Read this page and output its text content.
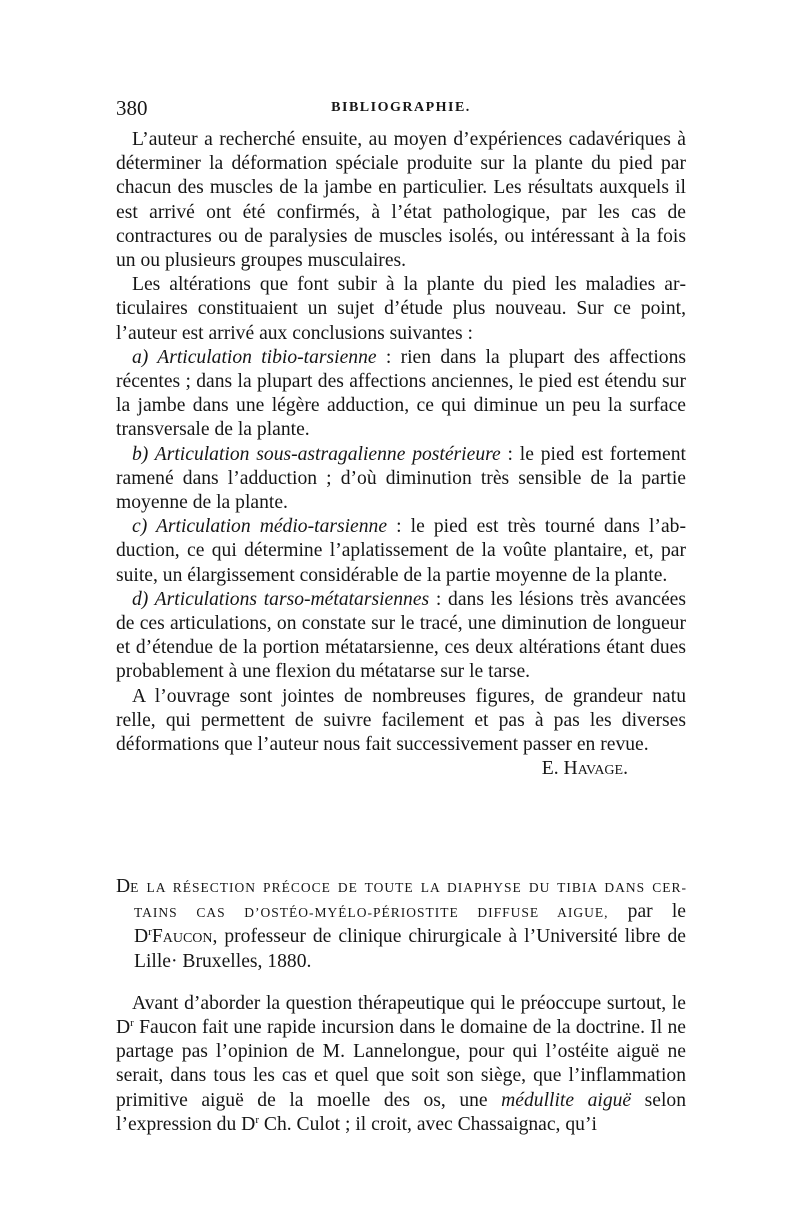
380	BIBLIOGRAPHIE.

L’auteur a recherché ensuite, au moyen d’expériences cadavériques à déterminer la déformation spéciale produite sur la plante du pied par chacun des muscles de la jambe en particulier. Les résultats auxquels il est arrivé ont été confirmés, à l’état pathologique, par les cas de contractures ou de paralysies de muscles isolés, ou intéressant à la fois un ou plusieurs groupes musculaires.

Les altérations que font subir à la plante du pied les maladies articulaires constituaient un sujet d’étude plus nouveau. Sur ce point, l’auteur est arrivé aux conclusions suivantes :

a) Articulation tibio-tarsienne : rien dans la plupart des affections récentes ; dans la plupart des affections anciennes, le pied est étendu sur la jambe dans une légère adduction, ce qui diminue un peu la surface transversale de la plante.

b) Articulation sous-astragalienne postérieure : le pied est fortement ramené dans l’adduction ; d’où diminution très sensible de la partie moyenne de la plante.

c) Articulation médio-tarsienne : le pied est très tourné dans l’abduction, ce qui détermine l’aplatissement de la voûte plantaire, et, par suite, un élargissement considérable de la partie moyenne de la plante.

d) Articulations tarso-métatarsiennes : dans les lésions très avancées de ces articulations, on constate sur le tracé, une diminution de longueur et d’étendue de la portion métatarsienne, ces deux altérations étant dues probablement à une flexion du métatarse sur le tarse.

A l’ouvrage sont jointes de nombreuses figures, de grandeur natu relle, qui permettent de suivre facilement et pas à pas les diverses déformations que l’auteur nous fait successivement passer en revue.

E. Havage.

DE LA RÉSECTION PRÉCOCE DE TOUTE LA DIAPHYSE DU TIBIA DANS CERTAINS CAS D’OSTÉO-MYÉLO-PÉRIOSTITE DIFFUSE AIGUE, par le $D^rFaucon$, professeur de clinique chirurgicale à l’Université libre de Lille· Bruxelles, 1880.

Avant d’aborder la question thérapeutique qui le préoccupe surtout, le $D^r$ Faucon fait une rapide incursion dans le domaine de la doctrine. Il ne partage pas l’opinion de M. Lannelongue, pour qui l’ostéite aiguë ne serait, dans tous les cas et quel que soit son siège, que l’inflammation primitive aiguë de la moelle des os, une médullite aiguë selon l’expression du $D^r$ Ch. Culot ; il croit, avec Chassaignac, qu’i
